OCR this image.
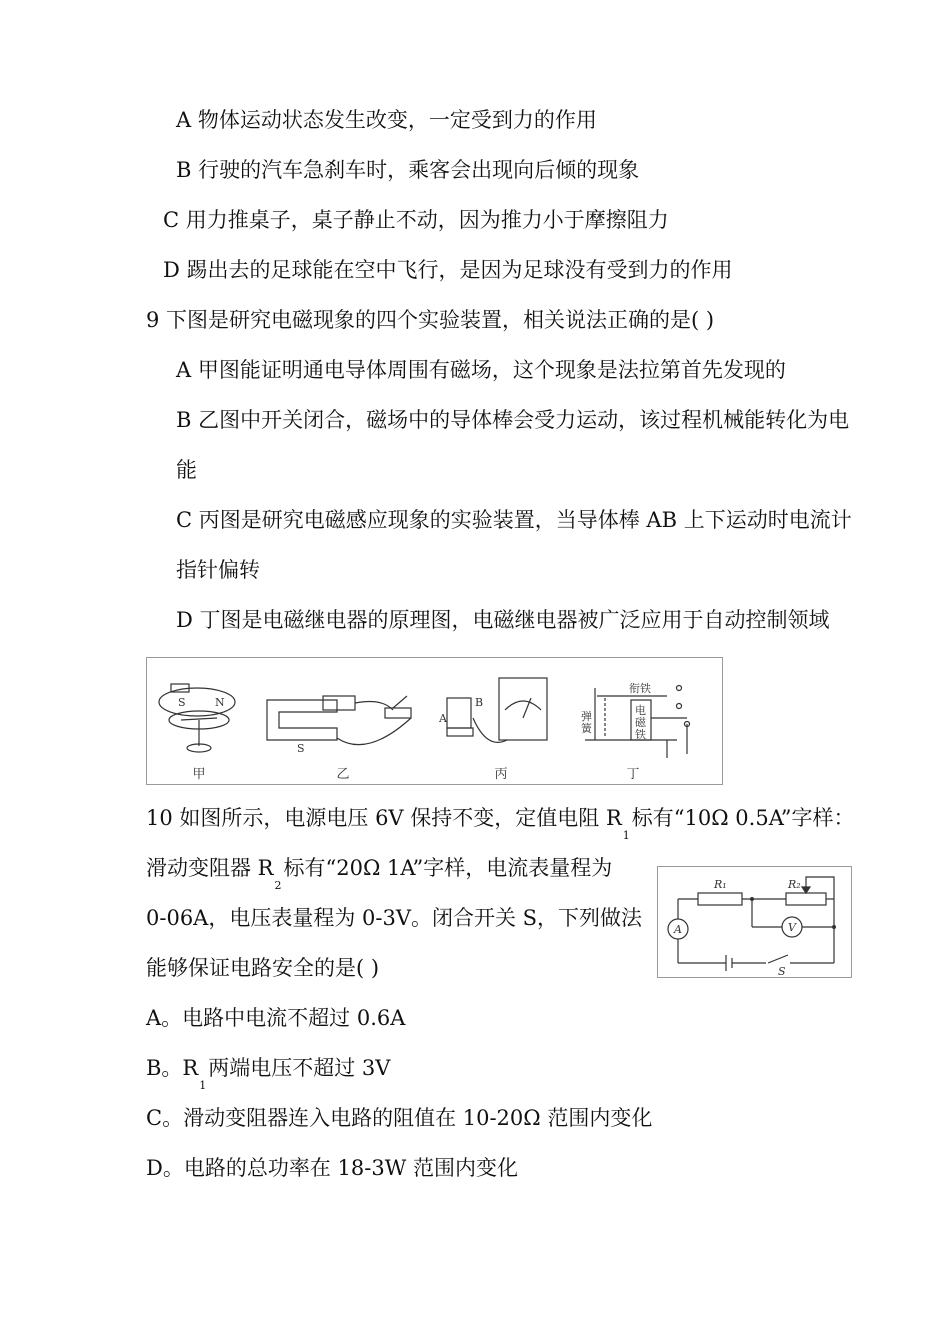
A 物体运动状态发生改变，一定受到力的作用
B 行驶的汽车急刹车时，乘客会出现向后倾的现象
C 用力推桌子，桌子静止不动，因为推力小于摩擦阻力
D 踢出去的足球能在空中飞行，是因为足球没有受到力的作用
9 下图是研究电磁现象的四个实验装置，相关说法正确的是( )
A 甲图能证明通电导体周围有磁场，这个现象是法拉第首先发现的
B 乙图中开关闭合，磁场中的导体棒会受力运动，该过程机械能转化为电
能
C 丙图是研究电磁感应现象的实验装置，当导体棒 AB 上下运动时电流计
指针偏转
D 丁图是电磁继电器的原理图，电磁继电器被广泛应用于自动控制领域
S	N
S
B
A
衔铁
电
磁
铁
弹
簧
甲	乙	丙	丁
10 如图所示，电源电压 6V 保持不变，定值电阻 $R_1$标有“10Ω 0.5A”字样：
滑动变阻器 $R_2$标有“20Ω 1A”字样，电流表量程为
0-06A，电压表量程为 0-3V。闭合开关 S，下列做法
能够保证电路安全的是( )
R₁	R₂
A	V
S
A。电路中电流不超过 0.6A
B。$R_1$两端电压不超过 3V
C。滑动变阻器连入电路的阻值在 10-20Ω 范围内变化
D。电路的总功率在 18-3W 范围内变化
